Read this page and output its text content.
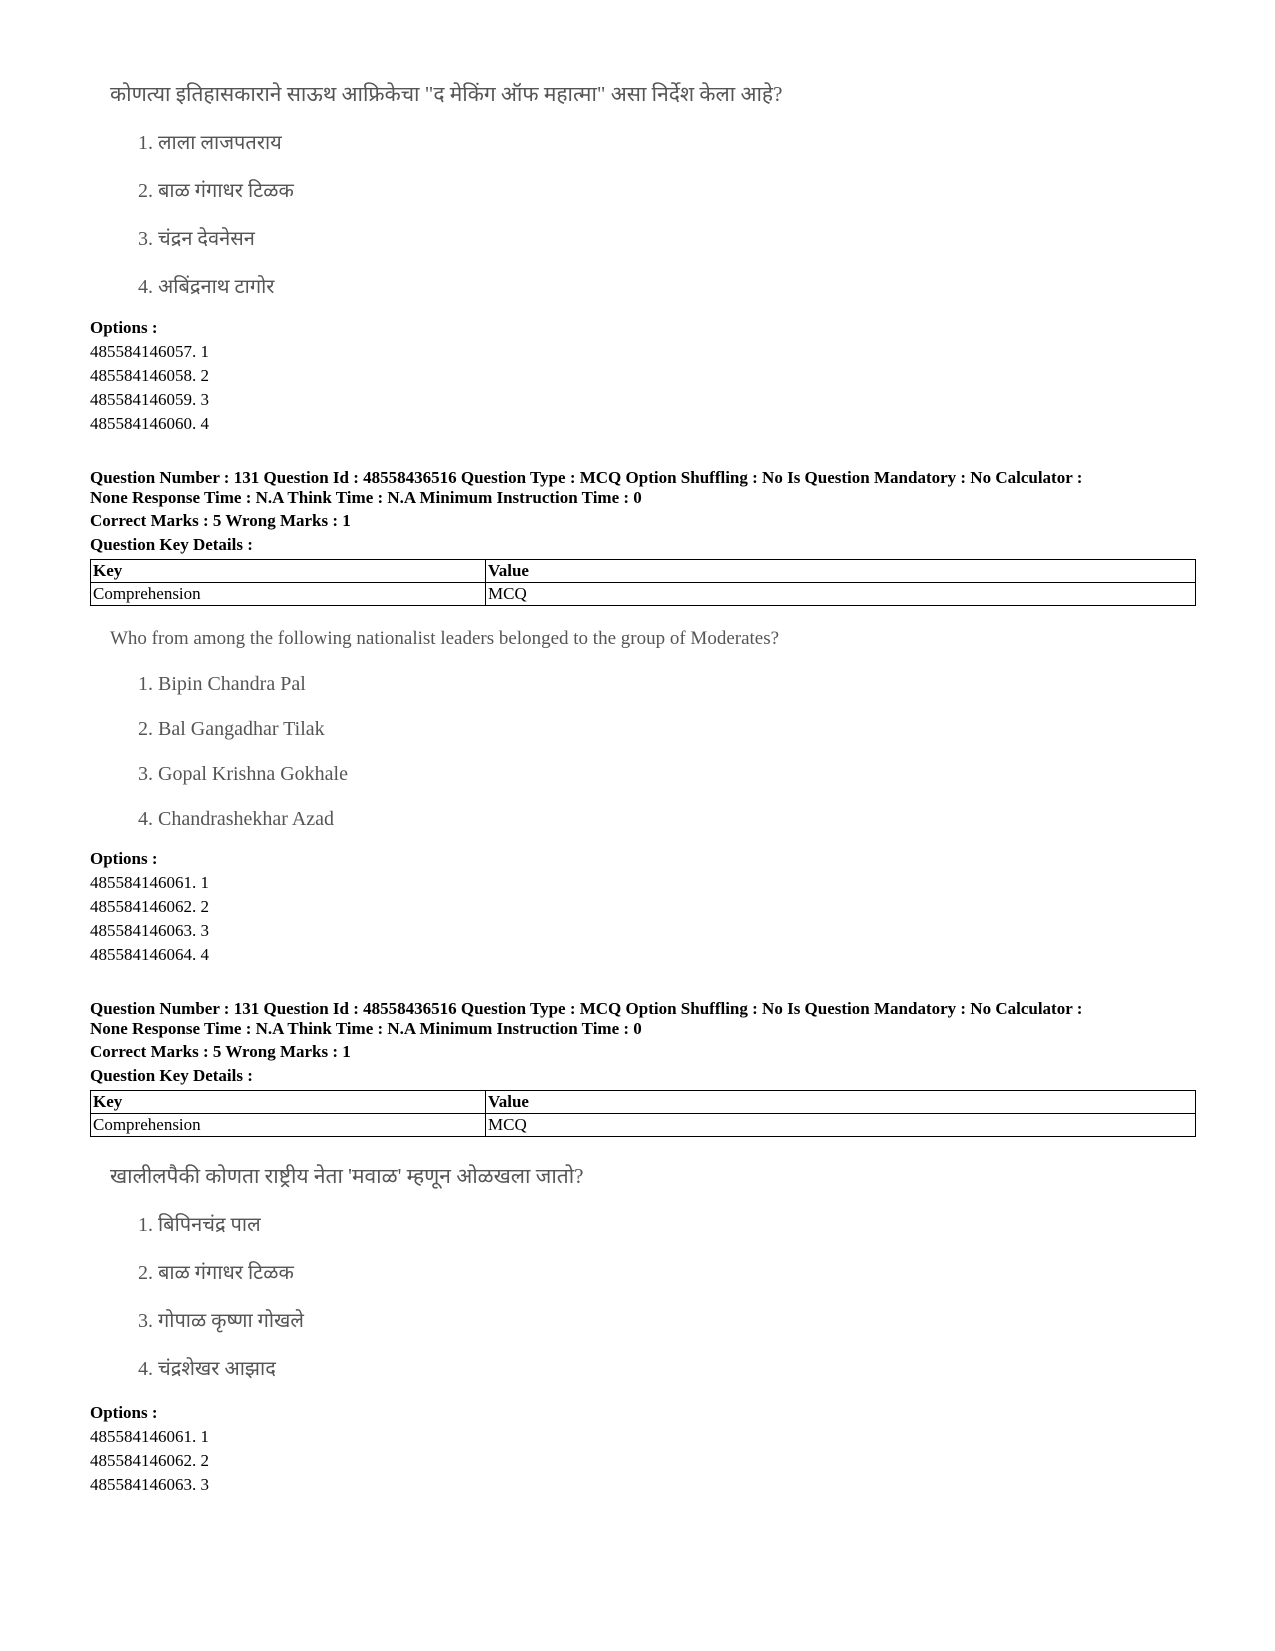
कोणत्या इतिहासकाराने साऊथ आफ्रिकेचा "द मेकिंग ऑफ महात्मा" असा निर्देश केला आहे?

1. लाला लाजपतराय

2. बाळ गंगाधर टिळक

3. चंद्रन देवनेसन

4. अबिंद्रनाथ टागोर

Options :
485584146057. 1
485584146058. 2
485584146059. 3
485584146060. 4
Question Number : 131 Question Id : 48558436516 Question Type : MCQ Option Shuffling : No Is Question Mandatory : No Calculator :
None Response Time : N.A Think Time : N.A Minimum Instruction Time : 0
Correct Marks : 5 Wrong Marks : 1
Question Key Details :
Key	Value
Comprehension	MCQ

Who from among the following nationalist leaders belonged to the group of Moderates?

1. Bipin Chandra Pal

2. Bal Gangadhar Tilak

3. Gopal Krishna Gokhale

4. Chandrashekhar Azad

Options :
485584146061. 1
485584146062. 2
485584146063. 3
485584146064. 4
Question Number : 131 Question Id : 48558436516 Question Type : MCQ Option Shuffling : No Is Question Mandatory : No Calculator :
None Response Time : N.A Think Time : N.A Minimum Instruction Time : 0
Correct Marks : 5 Wrong Marks : 1
Question Key Details :
Key	Value
Comprehension	MCQ

खालीलपैकी कोणता राष्ट्रीय नेता 'मवाळ' म्हणून ओळखला जातो?

1. बिपिनचंद्र पाल

2. बाळ गंगाधर टिळक

3. गोपाळ कृष्णा गोखले

4. चंद्रशेखर आझाद

Options :
485584146061. 1
485584146062. 2
485584146063. 3
